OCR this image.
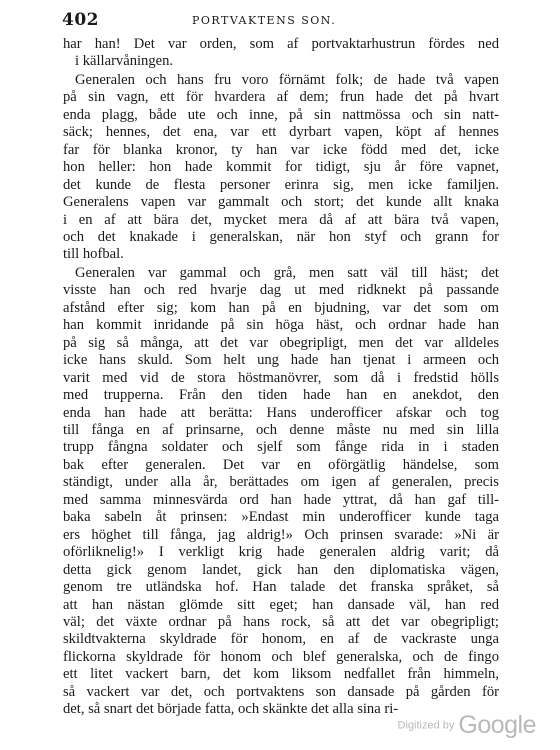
402	PORTVAKTENS SON.
har han! Det var orden, som af portvaktarhustrun fördes ned
i källarvåningen.
Generalen och hans fru voro förnämt folk; de hade två vapen
på sin vagn, ett för hvardera af dem; frun hade det på hvart
enda plagg, både ute och inne, på sin nattmössa och sin natt-
säck; hennes, det ena, var ett dyrbart vapen, köpt af hennes
far för blanka kronor, ty han var icke född med det, icke
hon heller: hon hade kommit for tidigt, sju år före vapnet,
det kunde de flesta personer erinra sig, men icke familjen.
Generalens vapen var gammalt och stort; det kunde allt knaka
i en af att bära det, mycket mera då af att bära två vapen,
och det knakade i generalskan, när hon styf och grann for
till hofbal.
Generalen var gammal och grå, men satt väl till häst; det
visste han och red hvarje dag ut med ridknekt på passande
afstånd efter sig; kom han på en bjudning, var det som om
han kommit inridande på sin höga häst, och ordnar hade han
på sig så många, att det var obegripligt, men det var alldeles
icke hans skuld. Som helt ung hade han tjenat i armeen och
varit med vid de stora höstmanövrer, som då i fredstid hölls
med trupperna. Från den tiden hade han en anekdot, den
enda han hade att berätta: Hans underofficer afskar och tog
till fånga en af prinsarne, och denne måste nu med sin lilla
trupp fångna soldater och sjelf som fånge rida in i staden
bak efter generalen. Det var en oförgätlig händelse, som
ständigt, under alla år, berättades om igen af generalen, precis
med samma minnesvärda ord han hade yttrat, då han gaf till-
baka sabeln åt prinsen: »Endast min underofficer kunde taga
ers höghet till fånga, jag aldrig!» Och prinsen svarade: »Ni är
oförliknelig!» I verkligt krig hade generalen aldrig varit; då
detta gick genom landet, gick han den diplomatiska vägen,
genom tre utländska hof. Han talade det franska språket, så
att han nästan glömde sitt eget; han dansade väl, han red
väl; det växte ordnar på hans rock, så att det var obegripligt;
skildtvakterna skyldrade för honom, en af de vackraste unga
flickorna skyldrade för honom och blef generalska, och de fingo
ett litet vackert barn, det kom liksom nedfallet från himmeln,
så vackert var det, och portvaktens son dansade på gården för
det, så snart det började fatta, och skänkte det alla sina ri-
Digitized by Google
